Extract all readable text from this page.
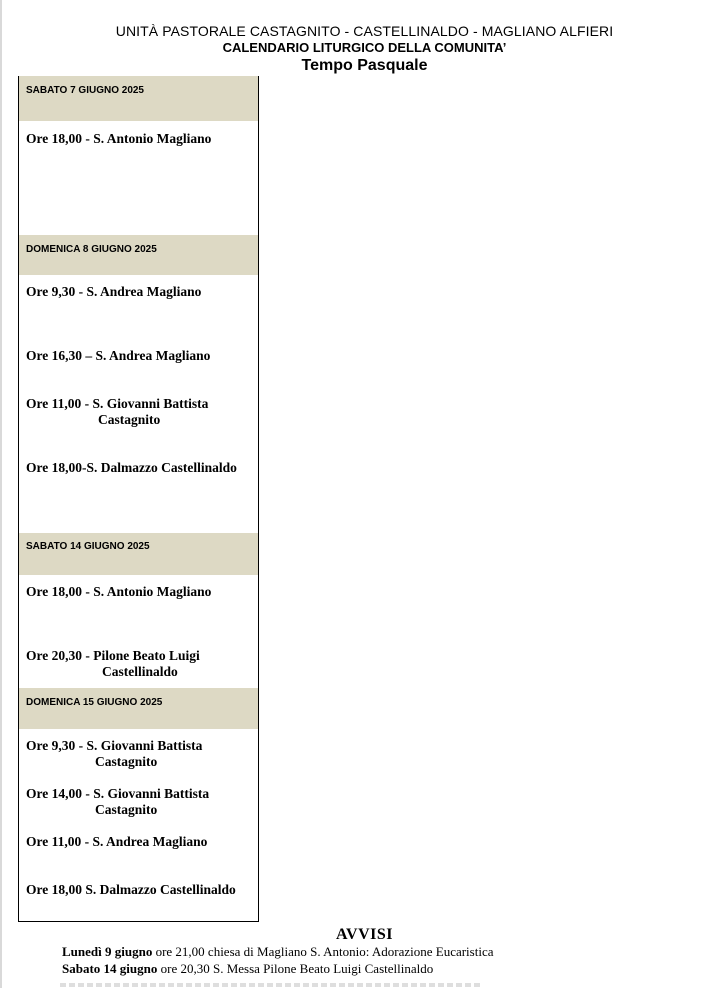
UNITÀ PASTORALE CASTAGNITO - CASTELLINALDO - MAGLIANO ALFIERI
CALENDARIO LITURGICO DELLA COMUNITA’
Tempo Pasquale
SABATO 7 GIUGNO 2025
Ore 18,00 - S. Antonio Magliano
DOMENICA 8 GIUGNO 2025
Ore 9,30 - S. Andrea Magliano
Ore 16,30 – S. Andrea Magliano
Ore 11,00 - S. Giovanni Battista
Castagnito
Ore 18,00-S. Dalmazzo Castellinaldo
SABATO 14 GIUGNO 2025
Ore 18,00 - S. Antonio Magliano
Ore 20,30 - Pilone Beato Luigi
Castellinaldo
DOMENICA 15 GIUGNO 2025
Ore 9,30 - S. Giovanni Battista
Castagnito
Ore 14,00 - S. Giovanni Battista
Castagnito
Ore 11,00 - S. Andrea Magliano
Ore 18,00 S. Dalmazzo Castellinaldo
AVVISI
Lunedì 9 giugno ore 21,00 chiesa di Magliano S. Antonio: Adorazione Eucaristica
Sabato 14 giugno ore 20,30 S. Messa Pilone Beato Luigi Castellinaldo
